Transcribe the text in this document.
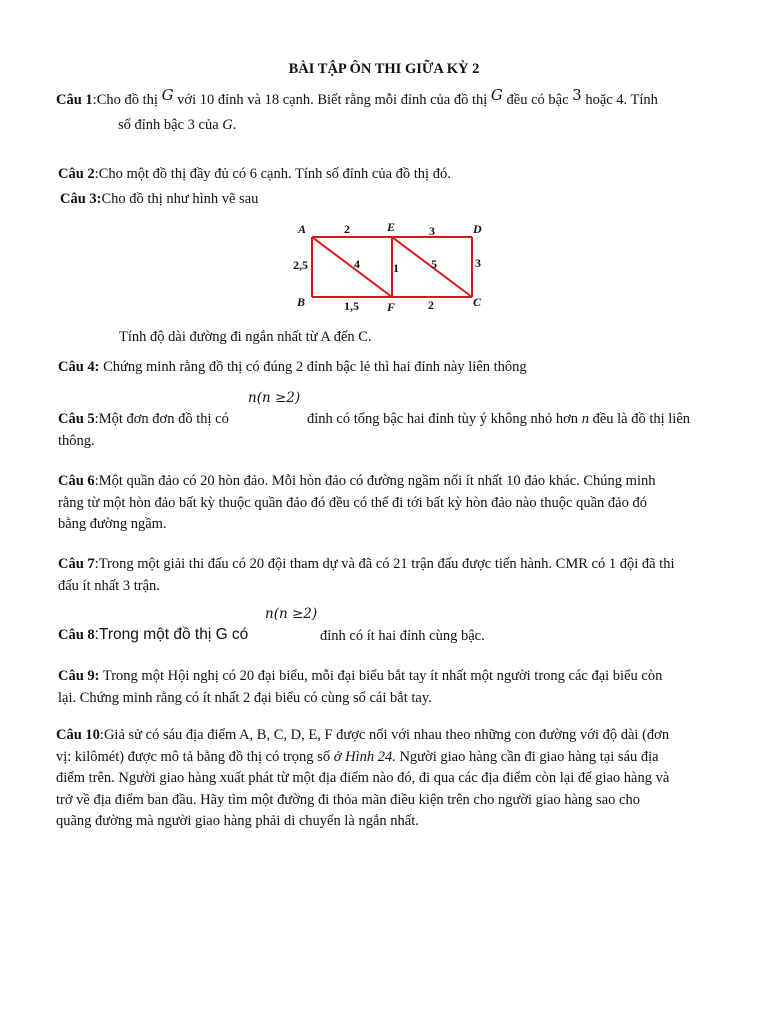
BÀI TẬP ÔN THI GIỮA KỲ 2
Câu 1:Cho đồ thị G với 10 đỉnh và 18 cạnh. Biết rằng mỗi đỉnh của đồ thị G đều có bậc 3 hoặc 4. Tính
số đỉnh bậc 3 của G.
Câu 2:Cho một đồ thị đầy đủ có 6 cạnh. Tính số đỉnh của đồ thị đó.
Câu 3:Cho đồ thị như hình vẽ sau
A	E	D
B	F	C
2	3
3
2,5
1,5	2
4	1	5
Tính độ dài đường đi ngắn nhất từ A đến C.
Câu 4: Chứng minh rằng đồ thị có đúng 2 đỉnh bậc lẻ thì hai đỉnh này liên thông
n(n ≥2)
Câu 5:Một đơn đơn đồ thị có	đỉnh có tổng bậc hai đỉnh tùy ý không nhỏ hơn n đều là đồ thị liên
thông.
Câu 6:Một quần đảo có 20 hòn đảo. Mỗi hòn đảo có đường ngầm nối ít nhất 10 đảo khác. Chúng minh
rằng từ một hòn đảo bất kỳ thuộc quần đảo đó đều có thể đi tới bất kỳ hòn đảo nào thuộc quần đảo đó
bằng đường ngầm.
Câu 7:Trong một giải thi đấu có 20 đội tham dự và đã có 21 trận đấu được tiến hành. CMR có 1 đội đã thi
đấu ít nhất 3 trận.
n(n ≥2)
Câu 8:Trong một đồ thị G có	đỉnh có ít hai đỉnh cùng bậc.
Câu 9: Trong một Hội nghị có 20 đại biểu, mỗi đại biểu bắt tay ít nhất một người trong các đại biểu còn
lại. Chứng minh rằng có ít nhất 2 đại biểu có cùng số cái bắt tay.
Câu 10:Giả sử có sáu địa điểm A, B, C, D, E, F được nối với nhau theo những con đường với độ dài (đơn
vị: kilômét) được mô tả bằng đồ thị có trọng số ở Hình 24. Người giao hàng cần đi giao hàng tại sáu địa
điểm trên. Người giao hàng xuất phát từ một địa điểm nào đó, đi qua các địa điểm còn lại để giao hàng và
trở về địa điểm ban đầu. Hãy tìm một đường đi thỏa mãn điều kiện trên cho người giao hàng sao cho
quãng đường mà người giao hàng phải di chuyển là ngắn nhất.
